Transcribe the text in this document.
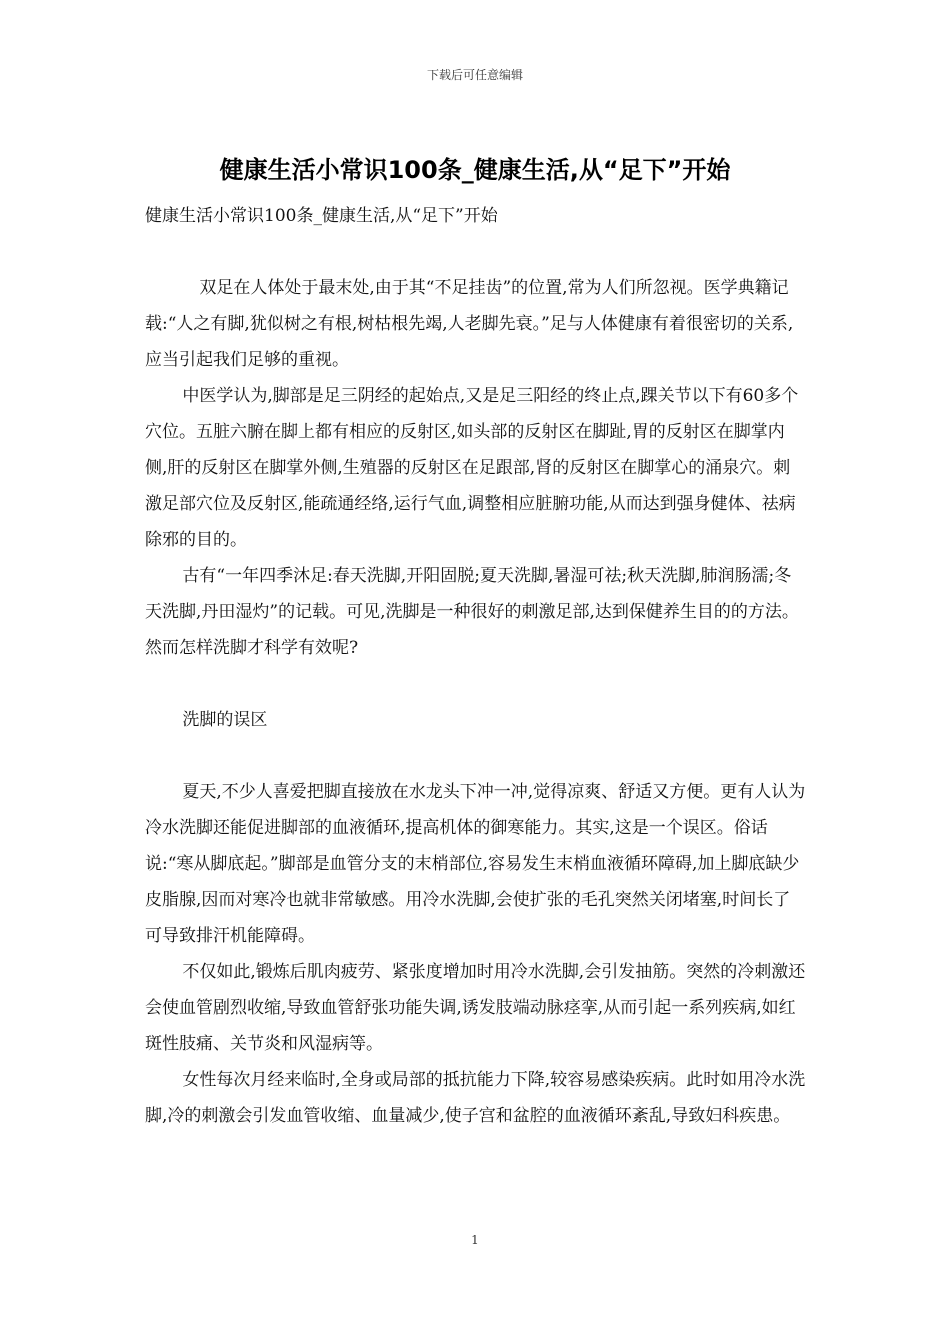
下载后可任意编辑
健康生活小常识100条_健康生活,从“足下”开始

健康生活小常识100条_健康生活,从“足下”开始

双足在人体处于最末处,由于其“不足挂齿”的位置,常为人们所忽视。医学典籍记载:“人之有脚,犹似树之有根,树枯根先竭,人老脚先衰。”足与人体健康有着很密切的关系,应当引起我们足够的重视。

中医学认为,脚部是足三阴经的起始点,又是足三阳经的终止点,踝关节以下有60多个穴位。五脏六腑在脚上都有相应的反射区,如头部的反射区在脚趾,胃的反射区在脚掌内侧,肝的反射区在脚掌外侧,生殖器的反射区在足跟部,肾的反射区在脚掌心的涌泉穴。刺激足部穴位及反射区,能疏通经络,运行气血,调整相应脏腑功能,从而达到强身健体、祛病除邪的目的。

古有“一年四季沐足:春天洗脚,开阳固脱;夏天洗脚,暑湿可祛;秋天洗脚,肺润肠濡;冬天洗脚,丹田湿灼”的记载。可见,洗脚是一种很好的刺激足部,达到保健养生目的的方法。然而怎样洗脚才科学有效呢?

洗脚的误区

夏天,不少人喜爱把脚直接放在水龙头下冲一冲,觉得凉爽、舒适又方便。更有人认为冷水洗脚还能促进脚部的血液循环,提高机体的御寒能力。其实,这是一个误区。俗话说:“寒从脚底起。”脚部是血管分支的末梢部位,容易发生末梢血液循环障碍,加上脚底缺少皮脂腺,因而对寒冷也就非常敏感。用冷水洗脚,会使扩张的毛孔突然关闭堵塞,时间长了可导致排汗机能障碍。

不仅如此,锻炼后肌肉疲劳、紧张度增加时用冷水洗脚,会引发抽筋。突然的冷刺激还会使血管剧烈收缩,导致血管舒张功能失调,诱发肢端动脉痉挛,从而引起一系列疾病,如红斑性肢痛、关节炎和风湿病等。

女性每次月经来临时,全身或局部的抵抗能力下降,较容易感染疾病。此时如用冷水洗脚,冷的刺激会引发血管收缩、血量减少,使子宫和盆腔的血液循环紊乱,导致妇科疾患。

1
